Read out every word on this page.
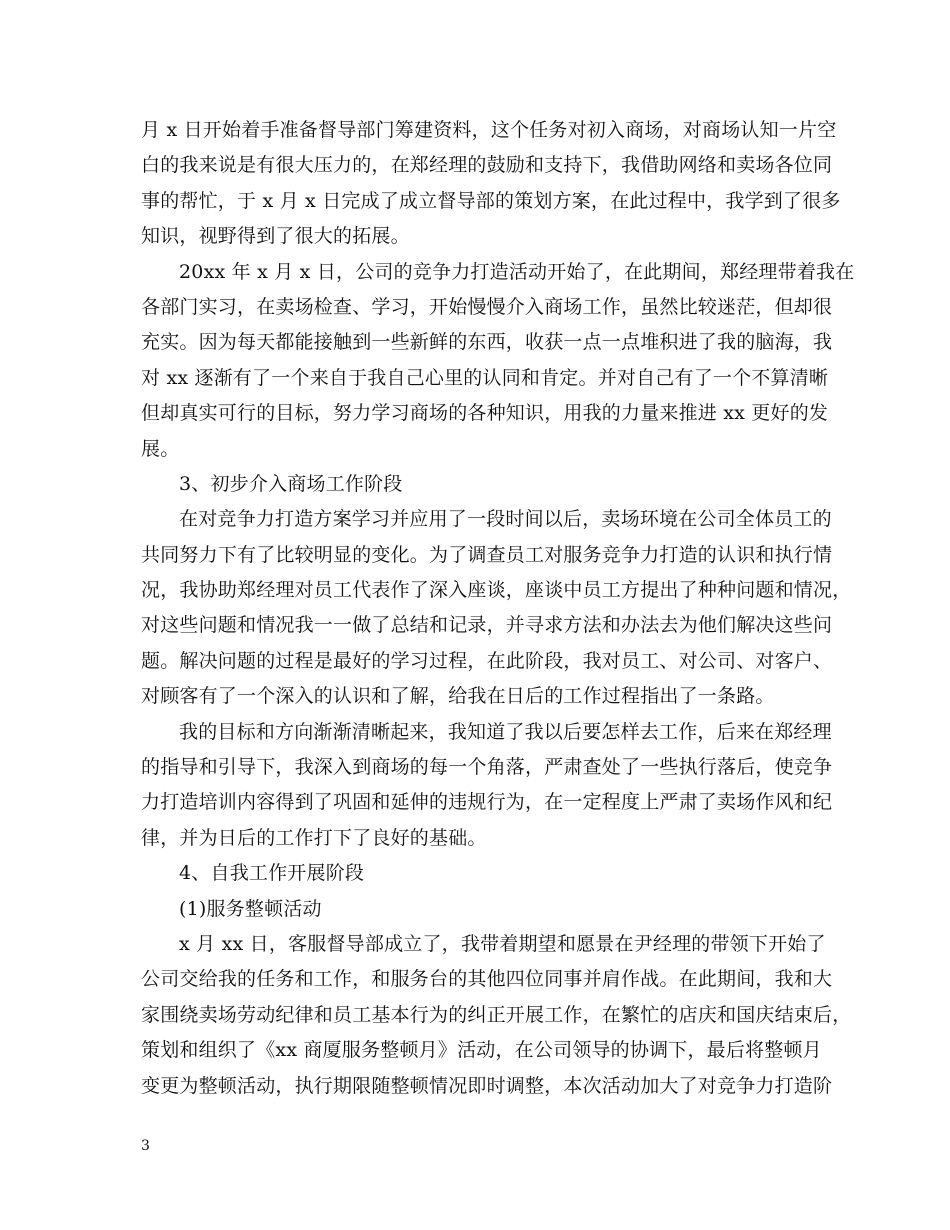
月 x 日开始着手准备督导部门筹建资料，这个任务对初入商场，对商场认知一片空
白的我来说是有很大压力的，在郑经理的鼓励和支持下，我借助网络和卖场各位同
事的帮忙，于 x 月 x 日完成了成立督导部的策划方案，在此过程中，我学到了很多
知识，视野得到了很大的拓展。
20xx 年 x 月 x 日，公司的竞争力打造活动开始了，在此期间，郑经理带着我在
各部门实习，在卖场检查、学习，开始慢慢介入商场工作，虽然比较迷茫，但却很
充实。因为每天都能接触到一些新鲜的东西，收获一点一点堆积进了我的脑海，我
对 xx 逐渐有了一个来自于我自己心里的认同和肯定。并对自己有了一个不算清晰
但却真实可行的目标，努力学习商场的各种知识，用我的力量来推进 xx 更好的发
展。
3、初步介入商场工作阶段
在对竞争力打造方案学习并应用了一段时间以后，卖场环境在公司全体员工的
共同努力下有了比较明显的变化。为了调查员工对服务竞争力打造的认识和执行情
况，我协助郑经理对员工代表作了深入座谈，座谈中员工方提出了种种问题和情况，
对这些问题和情况我一一做了总结和记录，并寻求方法和办法去为他们解决这些问
题。解决问题的过程是最好的学习过程，在此阶段，我对员工、对公司、对客户、
对顾客有了一个深入的认识和了解，给我在日后的工作过程指出了一条路。
我的目标和方向渐渐清晰起来，我知道了我以后要怎样去工作，后来在郑经理
的指导和引导下，我深入到商场的每一个角落，严肃查处了一些执行落后，使竞争
力打造培训内容得到了巩固和延伸的违规行为，在一定程度上严肃了卖场作风和纪
律，并为日后的工作打下了良好的基础。
4、自我工作开展阶段
(1)服务整顿活动
x 月 xx 日，客服督导部成立了，我带着期望和愿景在尹经理的带领下开始了
公司交给我的任务和工作，和服务台的其他四位同事并肩作战。在此期间，我和大
家围绕卖场劳动纪律和员工基本行为的纠正开展工作，在繁忙的店庆和国庆结束后，
策划和组织了《xx 商厦服务整顿月》活动，在公司领导的协调下，最后将整顿月
变更为整顿活动，执行期限随整顿情况即时调整，本次活动加大了对竞争力打造阶
3
